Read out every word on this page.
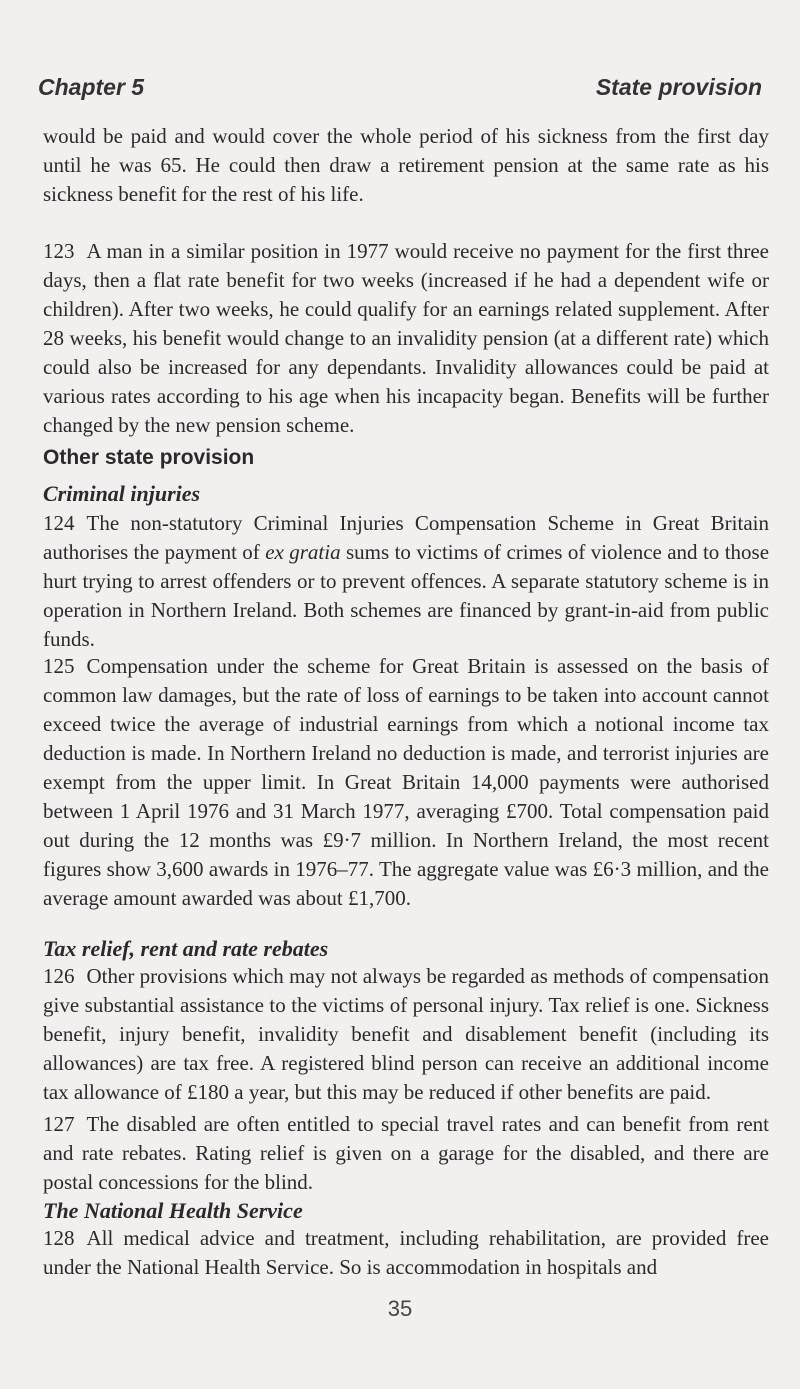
Chapter 5	State provision

would be paid and would cover the whole period of his sickness from the first day until he was 65. He could then draw a retirement pension at the same rate as his sickness benefit for the rest of his life.

123 A man in a similar position in 1977 would receive no payment for the first three days, then a flat rate benefit for two weeks (increased if he had a dependent wife or children). After two weeks, he could qualify for an earnings related supplement. After 28 weeks, his benefit would change to an invalidity pension (at a different rate) which could also be increased for any dependants. Invalidity allowances could be paid at various rates according to his age when his incapacity began. Benefits will be further changed by the new pension scheme.

Other state provision
Criminal injuries

124 The non-statutory Criminal Injuries Compensation Scheme in Great Britain authorises the payment of ex gratia sums to victims of crimes of violence and to those hurt trying to arrest offenders or to prevent offences. A separate statutory scheme is in operation in Northern Ireland. Both schemes are financed by grant-in-aid from public funds.

125 Compensation under the scheme for Great Britain is assessed on the basis of common law damages, but the rate of loss of earnings to be taken into account cannot exceed twice the average of industrial earnings from which a notional income tax deduction is made. In Northern Ireland no deduction is made, and terrorist injuries are exempt from the upper limit. In Great Britain 14,000 payments were authorised between 1 April 1976 and 31 March 1977, averaging £700. Total compensation paid out during the 12 months was £9·7 million. In Northern Ireland, the most recent figures show 3,600 awards in 1976–77. The aggregate value was £6·3 million, and the average amount awarded was about £1,700.

Tax relief, rent and rate rebates

126 Other provisions which may not always be regarded as methods of compensation give substantial assistance to the victims of personal injury. Tax relief is one. Sickness benefit, injury benefit, invalidity benefit and disablement benefit (including its allowances) are tax free. A registered blind person can receive an additional income tax allowance of £180 a year, but this may be reduced if other benefits are paid.

127 The disabled are often entitled to special travel rates and can benefit from rent and rate rebates. Rating relief is given on a garage for the disabled, and there are postal concessions for the blind.

The National Health Service

128 All medical advice and treatment, including rehabilitation, are provided free under the National Health Service. So is accommodation in hospitals and

35
